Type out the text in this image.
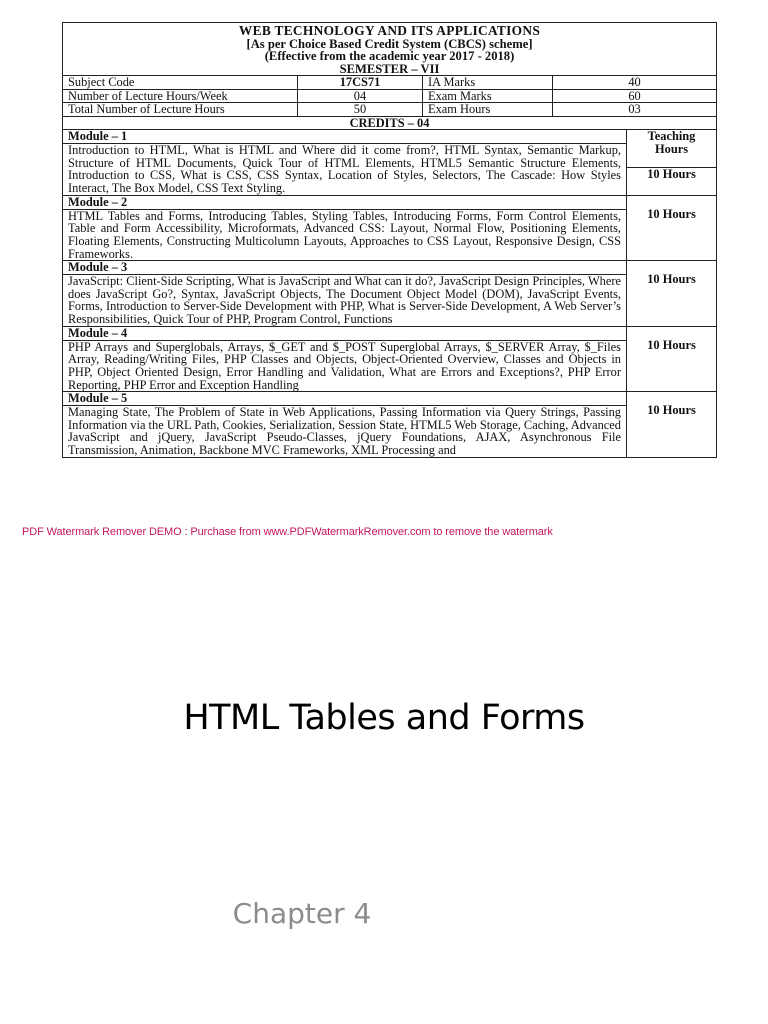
WEB TECHNOLOGY AND ITS APPLICATIONS
[As per Choice Based Credit System (CBCS) scheme]
(Effective from the academic year 2017 - 2018)
SEMESTER – VII				

Subject Code	17CS71	IA Marks	40	
Number of Lecture Hours/Week	04	Exam Marks	60	
Total Number of Lecture Hours	50	Exam Hours	03	
CREDITS – 04				
Module – 1				Teaching
Hours

Introduction to HTML, What is HTML and Where did it come from?, HTML Syntax, Semantic Markup, Structure of HTML Documents, Quick Tour of HTML Elements, HTML5 Semantic Structure Elements, Introduction to CSS, What is CSS, CSS Syntax, Location of Styles, Selectors, The Cascade: How Styles Interact, The Box Model, CSS Text Styling.				
				10 Hours
Module – 2				10 Hours
HTML Tables and Forms, Introducing Tables, Styling Tables, Introducing Forms, Form Control Elements, Table and Form Accessibility, Microformats, Advanced CSS: Layout, Normal Flow, Positioning Elements, Floating Elements, Constructing Multicolumn Layouts, Approaches to CSS Layout, Responsive Design, CSS Frameworks.				
Module – 3				10 Hours
JavaScript: Client-Side Scripting, What is JavaScript and What can it do?, JavaScript Design Principles, Where does JavaScript Go?, Syntax, JavaScript Objects, The Document Object Model (DOM), JavaScript Events, Forms, Introduction to Server-Side Development with PHP, What is Server-Side Development, A Web Server’s Responsibilities, Quick Tour of PHP, Program Control, Functions				
Module – 4				10 Hours
PHP Arrays and Superglobals, Arrays, $_GET and $_POST Superglobal Arrays, $_SERVER Array, $_Files Array, Reading/Writing Files, PHP Classes and Objects, Object-Oriented Overview, Classes and Objects in PHP, Object Oriented Design, Error Handling and Validation, What are Errors and Exceptions?, PHP Error Reporting, PHP Error and Exception Handling				
Module – 5				10 Hours
Managing State, The Problem of State in Web Applications, Passing Information via Query Strings, Passing Information via the URL Path, Cookies, Serialization, Session State, HTML5 Web Storage, Caching, Advanced JavaScript and jQuery, JavaScript Pseudo-Classes, jQuery Foundations, AJAX, Asynchronous File Transmission, Animation, Backbone MVC Frameworks, XML Processing and				
PDF Watermark Remover DEMO : Purchase from www.PDFWatermarkRemover.com to remove the watermark
HTML Tables and Forms
Chapter 4
